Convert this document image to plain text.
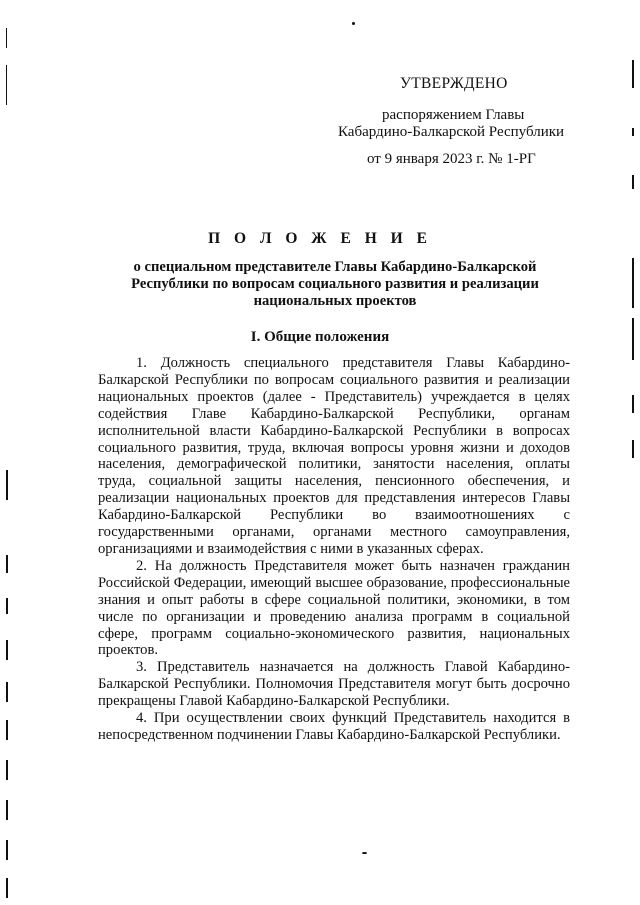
УТВЕРЖДЕНО
распоряжением Главы
Кабардино-Балкарской Республики
от 9 января 2023 г. № 1-РГ
П О Л О Ж Е Н И Е
о специальном представителе Главы Кабардино-Балкарской Республики по вопросам социального развития и реализации национальных проектов
I. Общие положения

1. Должность специального представителя Главы Кабардино-Балкарской Республики по вопросам социального развития и реализации национальных проектов (далее - Представитель) учреждается в целях содействия Главе Кабардино-Балкарской Республики, органам исполнительной власти Кабардино-Балкарской Республики в вопросах социального развития, труда, включая вопросы уровня жизни и доходов населения, демографической политики, занятости населения, оплаты труда, социальной защиты населения, пенсионного обеспечения, и реализации национальных проектов для представления интересов Главы Кабардино-Балкарской Республики во взаимоотношениях с государственными органами, органами местного самоуправления, организациями и взаимодействия с ними в указанных сферах.

2. На должность Представителя может быть назначен гражданин Российской Федерации, имеющий высшее образование, профессиональные знания и опыт работы в сфере социальной политики, экономики, в том числе по организации и проведению анализа программ в социальной сфере, программ социально-экономического развития, национальных проектов.

3. Представитель назначается на должность Главой Кабардино-Балкарской Республики. Полномочия Представителя могут быть досрочно прекращены Главой Кабардино-Балкарской Республики.

4. При осуществлении своих функций Представитель находится в непосредственном подчинении Главы Кабардино-Балкарской Республики.
